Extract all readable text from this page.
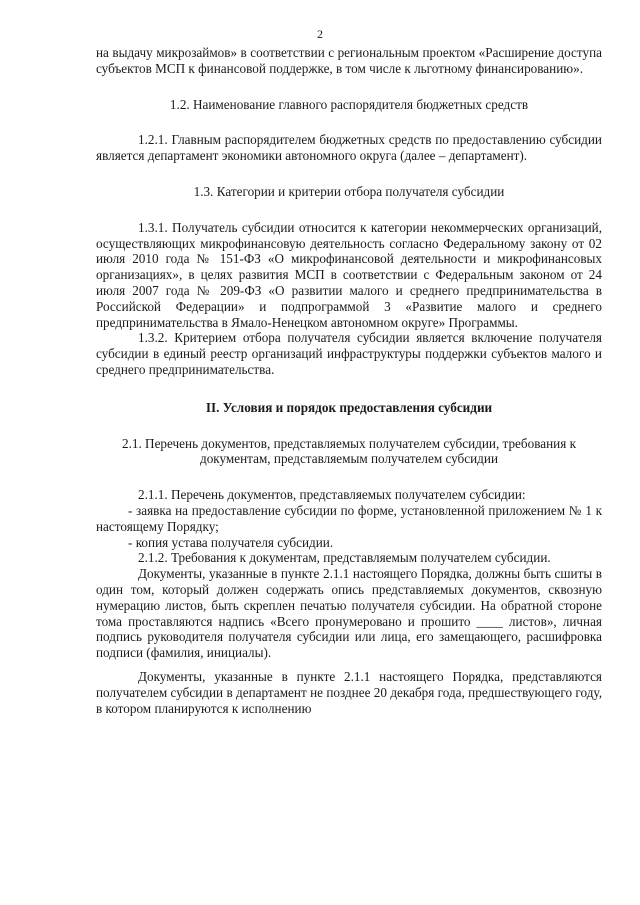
2

на выдачу микрозаймов» в соответствии с региональным проектом «Расширение доступа субъектов МСП к финансовой поддержке, в том числе к льготному финансированию».

1.2. Наименование главного распорядителя бюджетных средств

1.2.1. Главным распорядителем бюджетных средств по предоставлению субсидии является департамент экономики автономного округа (далее – департамент).

1.3. Категории и критерии отбора получателя субсидии

1.3.1. Получатель субсидии относится к категории некоммерческих организаций, осуществляющих микрофинансовую деятельность согласно Федеральному закону от 02 июля 2010 года № 151-ФЗ «О микрофинансовой деятельности и микрофинансовых организациях», в целях развития МСП в соответствии с Федеральным законом от 24 июля 2007 года № 209-ФЗ «О развитии малого и среднего предпринимательства в Российской Федерации» и подпрограммой 3 «Развитие малого и среднего предпринимательства в Ямало-Ненецком автономном округе» Программы.

1.3.2. Критерием отбора получателя субсидии является включение получателя субсидии в единый реестр организаций инфраструктуры поддержки субъектов малого и среднего предпринимательства.

II. Условия и порядок предоставления субсидии

2.1. Перечень документов, представляемых получателем субсидии, требования к документам, представляемым получателем субсидии

2.1.1. Перечень документов, представляемых получателем субсидии:

- заявка на предоставление субсидии по форме, установленной приложением № 1 к настоящему Порядку;

- копия устава получателя субсидии.

2.1.2. Требования к документам, представляемым получателем субсидии.

Документы, указанные в пункте 2.1.1 настоящего Порядка, должны быть сшиты в один том, который должен содержать опись представляемых документов, сквозную нумерацию листов, быть скреплен печатью получателя субсидии. На обратной стороне тома проставляются надпись «Всего пронумеровано и прошито ____ листов», личная подпись руководителя получателя субсидии или лица, его замещающего, расшифровка подписи (фамилия, инициалы).

Документы, указанные в пункте 2.1.1 настоящего Порядка, представляются получателем субсидии в департамент не позднее 20 декабря года, предшествующего году, в котором планируются к исполнению
